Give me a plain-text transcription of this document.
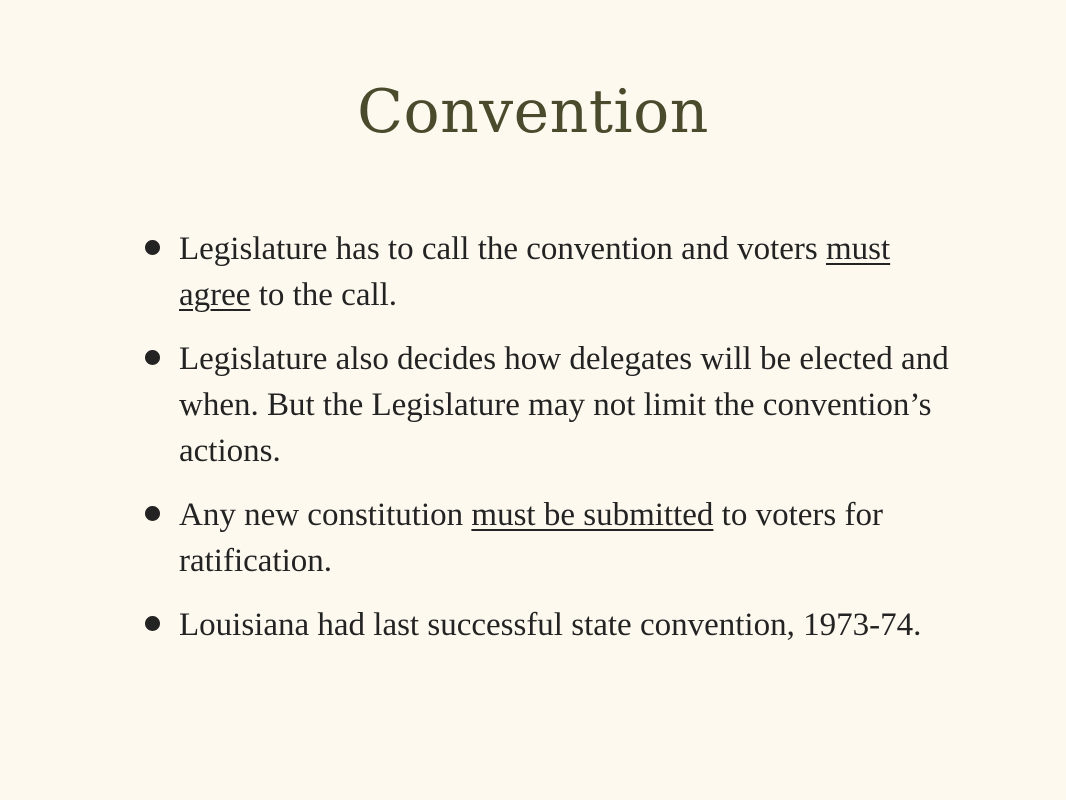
Convention
Legislature has to call the convention and voters must agree to the call.
Legislature also decides how delegates will be elected and when. But the Legislature may not limit the convention’s actions.
Any new constitution must be submitted to voters for ratification.
Louisiana had last successful state convention, 1973-74.
